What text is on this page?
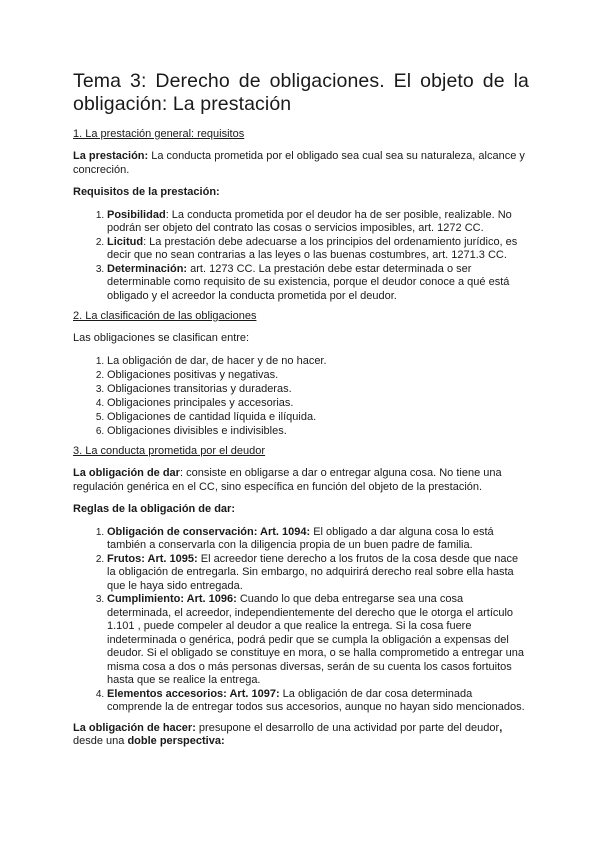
Tema 3: Derecho de obligaciones. El objeto de la obligación: La prestación
1. La prestación general: requisitos

La prestación: La conducta prometida por el obligado sea cual sea su naturaleza, alcance y concreción.

Requisitos de la prestación:

1. Posibilidad: La conducta prometida por el deudor ha de ser posible, realizable. No podrán ser objeto del contrato las cosas o servicios imposibles, art. 1272 CC.
2. Licitud: La prestación debe adecuarse a los principios del ordenamiento jurídico, es decir que no sean contrarias a las leyes o las buenas costumbres, art. 1271.3 CC.
3. Determinación: art. 1273 CC. La prestación debe estar determinada o ser determinable como requisito de su existencia, porque el deudor conoce a qué está obligado y el acreedor la conducta prometida por el deudor.
2. La clasificación de las obligaciones

Las obligaciones se clasifican entre:

1. La obligación de dar, de hacer y de no hacer.
2. Obligaciones positivas y negativas.
3. Obligaciones transitorias y duraderas.
4. Obligaciones principales y accesorias.
5. Obligaciones de cantidad líquida e ilíquida.
6. Obligaciones divisibles e indivisibles.
3. La conducta prometida por el deudor

La obligación de dar: consiste en obligarse a dar o entregar alguna cosa. No tiene una regulación genérica en el CC, sino específica en función del objeto de la prestación.

Reglas de la obligación de dar:

1. Obligación de conservación: Art. 1094: El obligado a dar alguna cosa lo está también a conservarla con la diligencia propia de un buen padre de familia.
2. Frutos: Art. 1095: El acreedor tiene derecho a los frutos de la cosa desde que nace la obligación de entregarla. Sin embargo, no adquirirá derecho real sobre ella hasta que le haya sido entregada.
3. Cumplimiento: Art. 1096: Cuando lo que deba entregarse sea una cosa determinada, el acreedor, independientemente del derecho que le otorga el artículo 1.101 , puede compeler al deudor a que realice la entrega. Si la cosa fuere indeterminada o genérica, podrá pedir que se cumpla la obligación a expensas del deudor. Si el obligado se constituye en mora, o se halla comprometido a entregar una misma cosa a dos o más personas diversas, serán de su cuenta los casos fortuitos hasta que se realice la entrega.
4. Elementos accesorios: Art. 1097: La obligación de dar cosa determinada comprende la de entregar todos sus accesorios, aunque no hayan sido mencionados.

La obligación de hacer: presupone el desarrollo de una actividad por parte del deudor, desde una doble perspectiva:
